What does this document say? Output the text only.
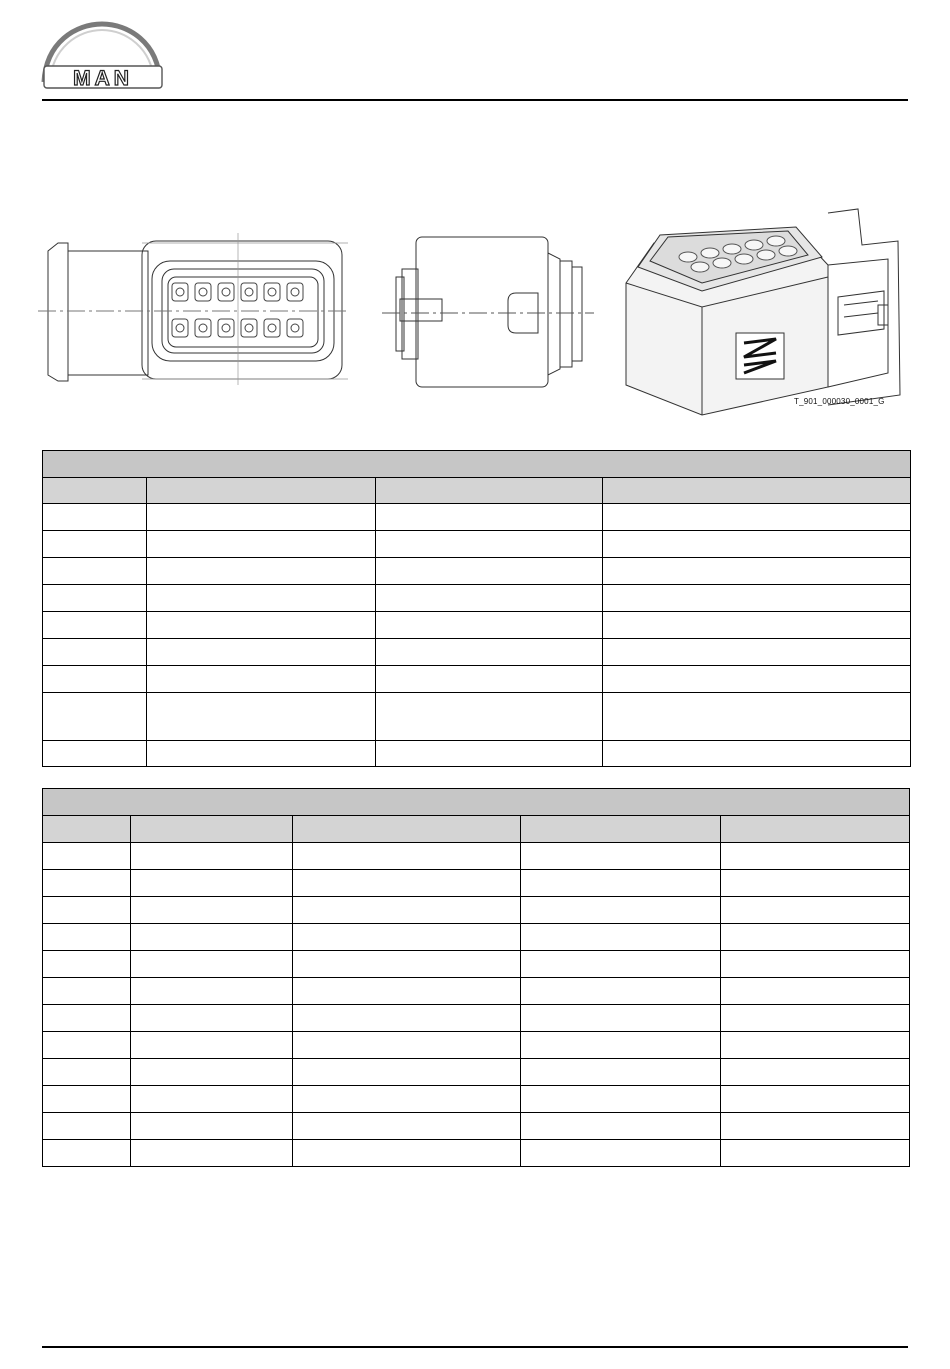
MAN
T_901_000030_0001_G
